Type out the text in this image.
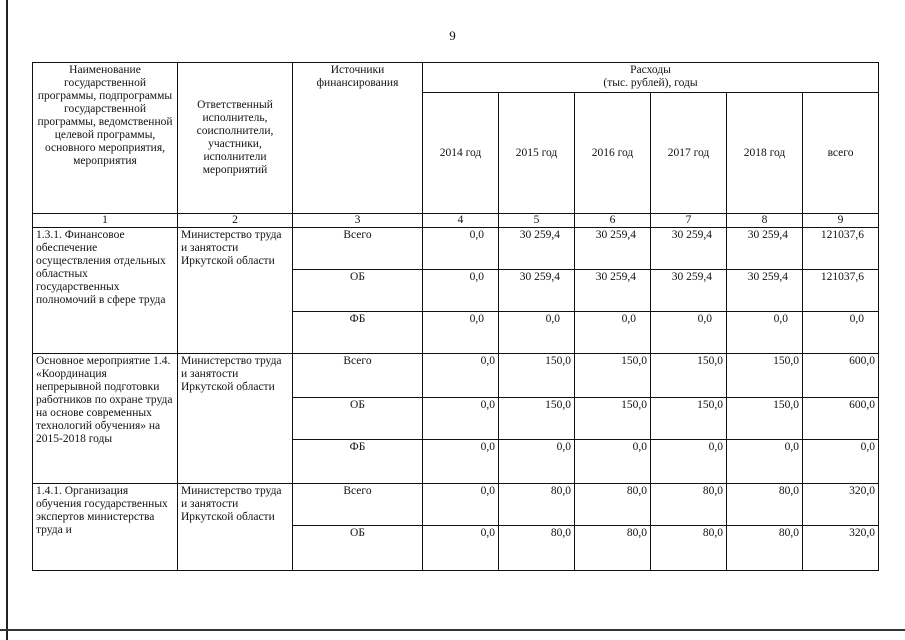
9
Наименование государственной программы, подпрограммы государственной программы, ведомственной целевой программы, основного мероприятия, мероприятия	Ответственный исполнитель, соисполнители, участники, исполнители мероприятий	Источники финансирования	Расходы
(тыс. рублей), годы					
			2014 год	2015 год	2016 год	2017 год	2018 год	всего
1	2	3	4	5	6	7	8	9
1.3.1. Финансовое обеспечение осуществления отдельных областных государственных полномочий в сфере труда	Министерство труда и занятости Иркутской области	Всего	0,0	30 259,4	30 259,4	30 259,4	30 259,4	121037,6
		ОБ	0,0	30 259,4	30 259,4	30 259,4	30 259,4	121037,6
		ФБ	0,0	0,0	0,0	0,0	0,0	0,0
Основное мероприятие 1.4. «Координация непрерывной подготовки работников по охране труда на основе современных технологий обучения» на 2015-2018 годы	Министерство труда и занятости Иркутской области	Всего	0,0	150,0	150,0	150,0	150,0	600,0
		ОБ	0,0	150,0	150,0	150,0	150,0	600,0
		ФБ	0,0	0,0	0,0	0,0	0,0	0,0
1.4.1. Организация обучения государственных экспертов министерства труда и	Министерство труда и занятости Иркутской области	Всего	0,0	80,0	80,0	80,0	80,0	320,0
		ОБ	0,0	80,0	80,0	80,0	80,0	320,0
